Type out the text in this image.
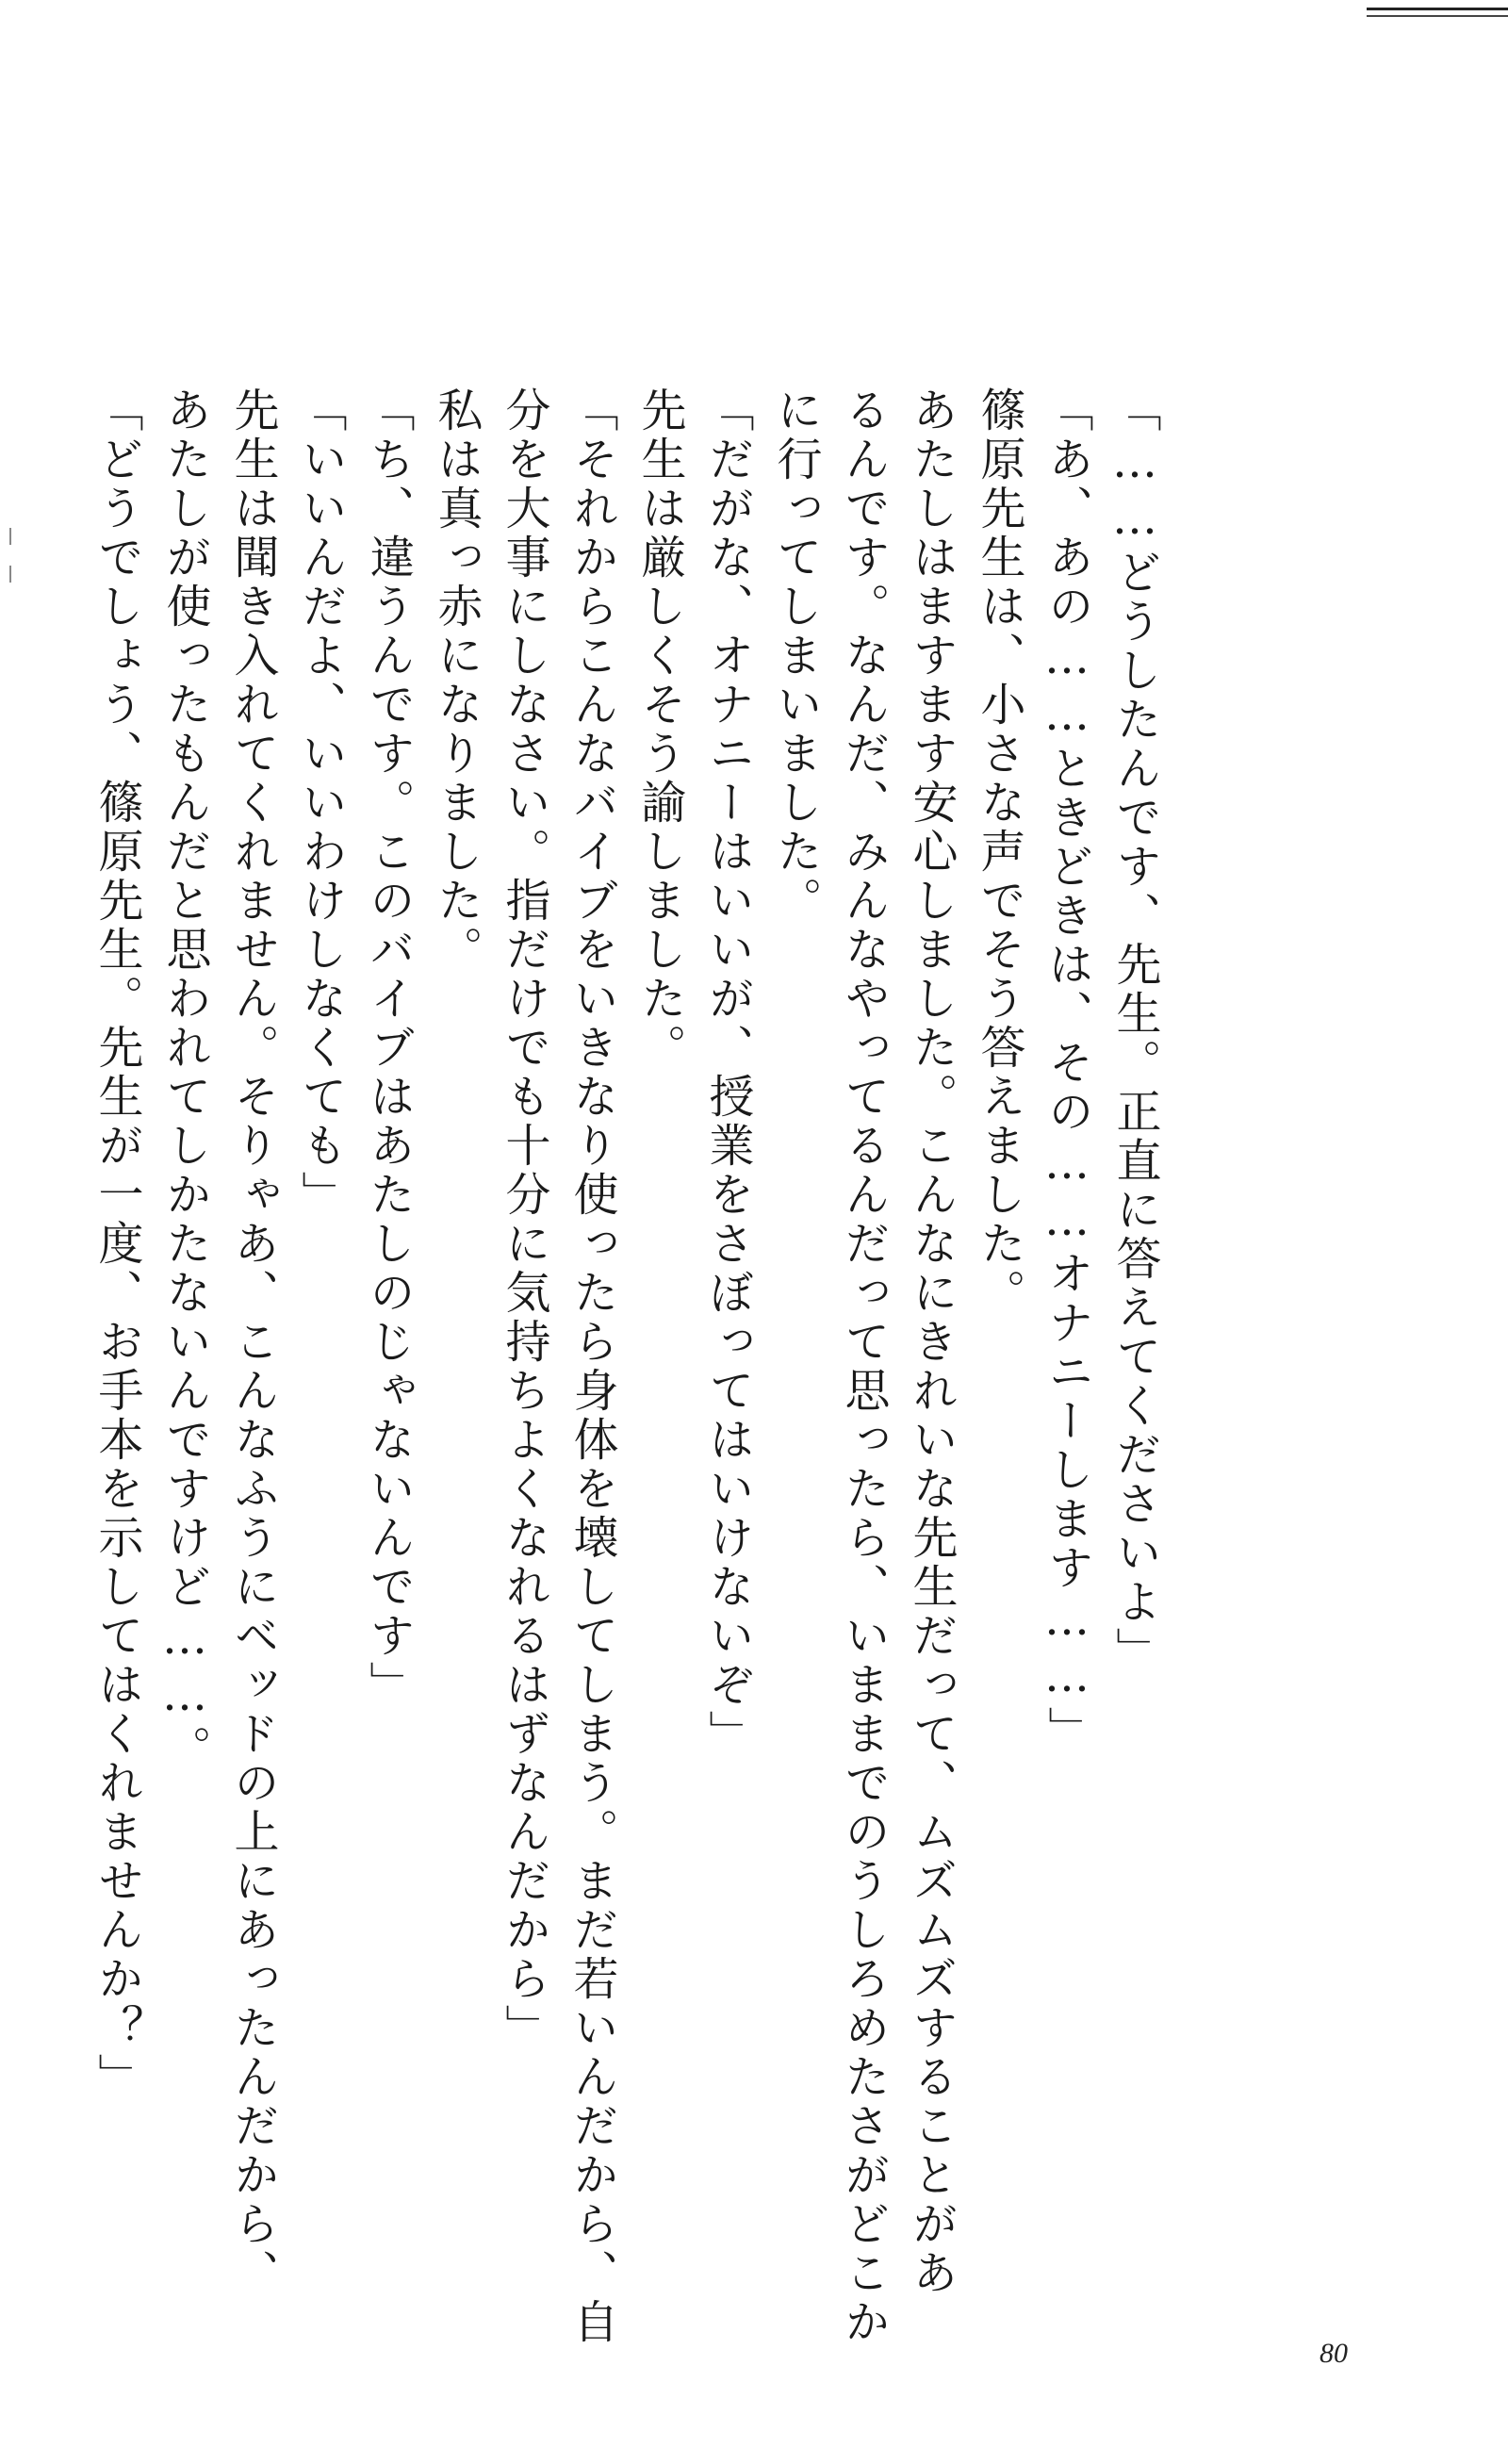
「……どうしたんです、先生。正直に答えてくださいよ」

「あ、あの……ときどきは、その……オナニーします……」

篠原先生は、小さな声でそう答えました。

あたしはますます安心しました。こんなにきれいな先生だって、ムズムズすることがあ

るんです。なんだ、みんなやってるんだって思ったら、いままでのうしろめたさがどこか

に行ってしまいました。

「だがな、オナニーはいいが、授業をさぼってはいけないぞ」

先生は厳しくそう諭しました。

「それからこんなバイブをいきなり使ったら身体を壊してしまう。まだ若いんだから、自

分を大事にしなさい。指だけでも十分に気持ちよくなれるはずなんだから」

私は真っ赤になりました。

「ち、違うんです。このバイブはあたしのじゃないんです」

「いいんだよ、いいわけしなくても」

先生は聞き入れてくれません。そりゃあ、こんなふうにベッドの上にあったんだから、

あたしが使ったもんだと思われてしかたないんですけど……。

「どうでしょう、篠原先生。先生が一度、お手本を示してはくれませんか？」

80
